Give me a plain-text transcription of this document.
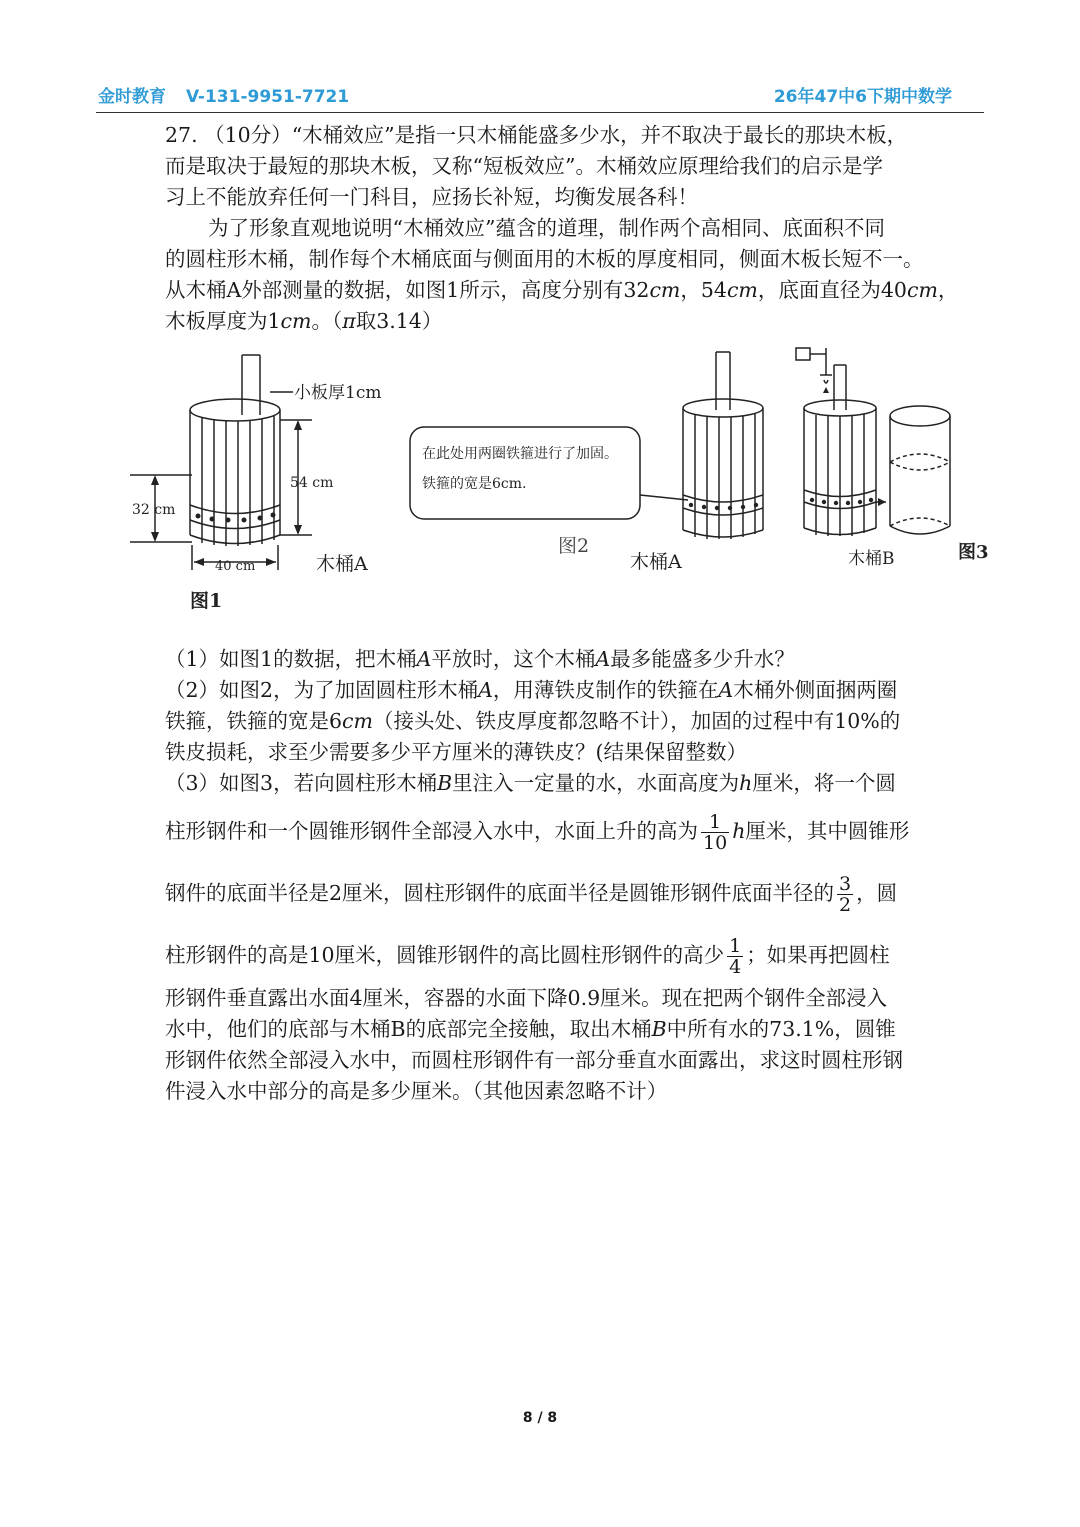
金时教育 V-131-9951-7721	26年47中6下期中数学
27. （10分）“木桶效应”是指一只木桶能盛多少水，并不取决于最长的那块木板，
而是取决于最短的那块木板，又称“短板效应”。木桶效应原理给我们的启示是学
习上不能放弃任何一门科目，应扬长补短，均衡发展各科！
为了形象直观地说明“木桶效应”蕴含的道理，制作两个高相同、底面积不同
的圆柱形木桶，制作每个木桶底面与侧面用的木板的厚度相同，侧面木板长短不一。
从木桶A外部测量的数据，如图1所示，高度分别有32cm，54cm，底面直径为40cm，
木板厚度为1cm。（π取3.14）
小板厚1cm
54 cm
32 cm
40 cm	木桶A
图1
在此处用两圈铁箍进行了加固。
铁箍的宽是6cm.
图2
木桶A	木桶B	图3
（1）如图1的数据，把木桶A平放时，这个木桶A最多能盛多少升水？
（2）如图2，为了加固圆柱形木桶A，用薄铁皮制作的铁箍在A木桶外侧面捆两圈
铁箍，铁箍的宽是6cm（接头处、铁皮厚度都忽略不计），加固的过程中有10%的
铁皮损耗，求至少需要多少平方厘米的薄铁皮？(结果保留整数）
（3）如图3，若向圆柱形木桶B里注入一定量的水，水面高度为h厘米，将一个圆
柱形钢件和一个圆锥形钢件全部浸入水中，水面上升的高为 $\frac{1}{10}$ h厘米，其中圆锥形
钢件的底面半径是2厘米，圆柱形钢件的底面半径是圆锥形钢件底面半径的 $\frac{3}{2}$ ，圆
柱形钢件的高是10厘米，圆锥形钢件的高比圆柱形钢件的高少 $\frac{1}{4}$ ；如果再把圆柱
形钢件垂直露出水面4厘米，容器的水面下降0.9厘米。现在把两个钢件全部浸入
水中，他们的底部与木桶B的底部完全接触，取出木桶B中所有水的73.1%，圆锥
形钢件依然全部浸入水中，而圆柱形钢件有一部分垂直水面露出，求这时圆柱形钢
件浸入水中部分的高是多少厘米。（其他因素忽略不计）
8 / 8
